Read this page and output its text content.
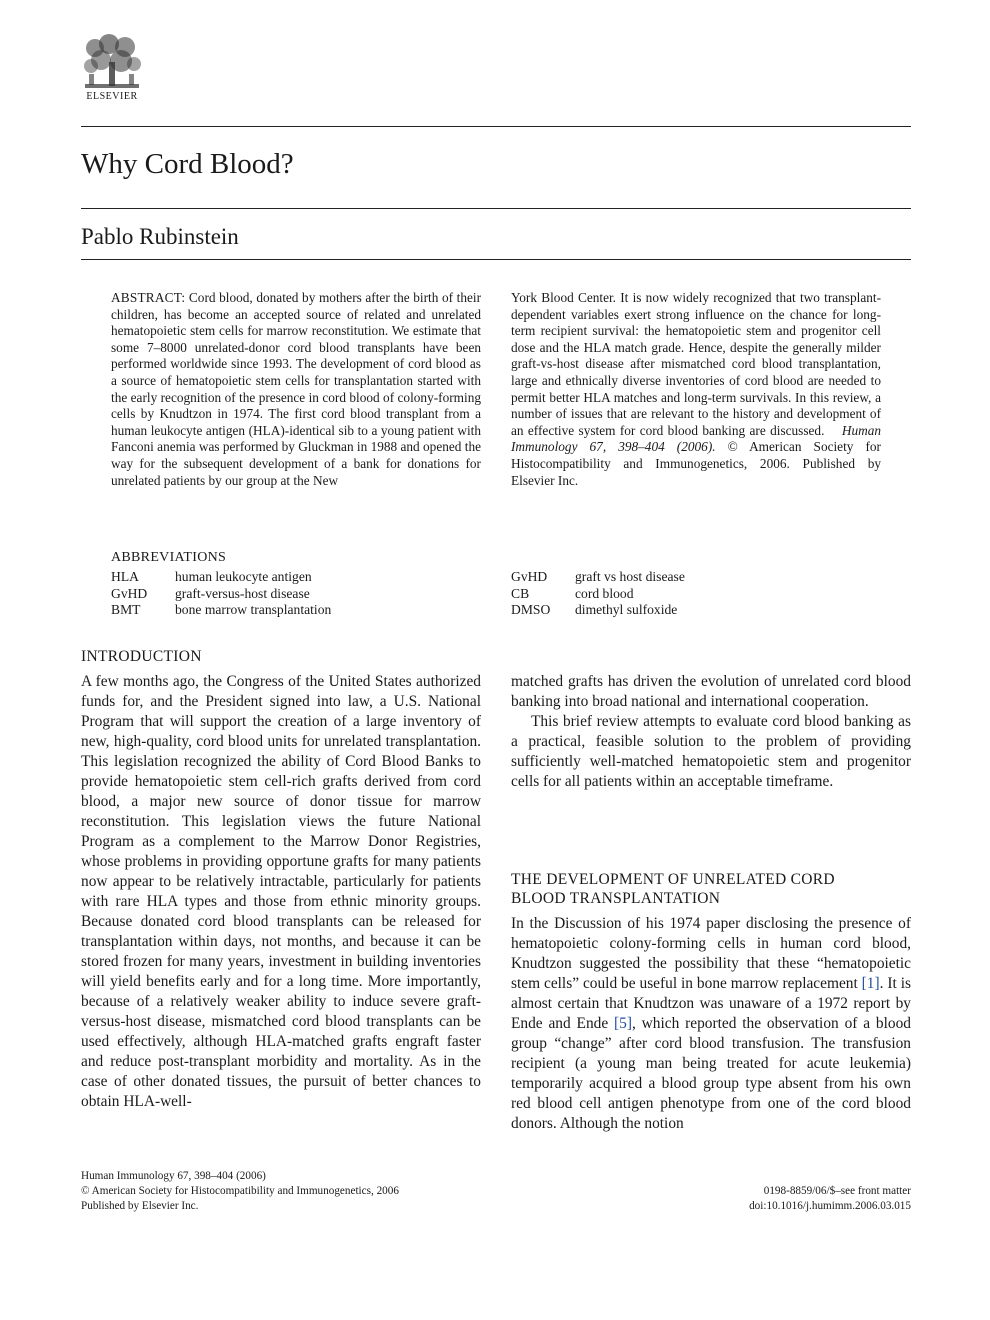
ELSEVIER
Why Cord Blood?
Pablo Rubinstein

ABSTRACT: Cord blood, donated by mothers after the birth of their children, has become an accepted source of related and unrelated hematopoietic stem cells for marrow reconstitution. We estimate that some 7–8000 unrelated-donor cord blood transplants have been performed worldwide since 1993. The development of cord blood as a source of hematopoietic stem cells for transplantation started with the early recognition of the presence in cord blood of colony-forming cells by Knudtzon in 1974. The first cord blood transplant from a human leukocyte antigen (HLA)-identical sib to a young patient with Fanconi anemia was performed by Gluckman in 1988 and opened the way for the subsequent development of a bank for donations for unrelated patients by our group at the New

York Blood Center. It is now widely recognized that two transplant-dependent variables exert strong influence on the chance for long-term recipient survival: the hematopoietic stem and progenitor cell dose and the HLA match grade. Hence, despite the generally milder graft-vs-host disease after mismatched cord blood transplantation, large and ethnically diverse inventories of cord blood are needed to permit better HLA matches and long-term survivals. In this review, a number of issues that are relevant to the history and development of an effective system for cord blood banking are discussed. Human Immunology 67, 398–404 (2006). © American Society for Histocompatibility and Immunogenetics, 2006. Published by Elsevier Inc.

ABBREVIATIONS
HLA	human leukocyte antigen
GvHD	graft-versus-host disease
BMT	bone marrow transplantation
GvHD	graft vs host disease
CB	cord blood
DMSO	dimethyl sulfoxide
INTRODUCTION

A few months ago, the Congress of the United States authorized funds for, and the President signed into law, a U.S. National Program that will support the creation of a large inventory of new, high-quality, cord blood units for unrelated transplantation. This legislation recognized the ability of Cord Blood Banks to provide hematopoietic stem cell-rich grafts derived from cord blood, a major new source of donor tissue for marrow reconstitution. This legislation views the future National Program as a complement to the Marrow Donor Registries, whose problems in providing opportune grafts for many patients now appear to be relatively intractable, particularly for patients with rare HLA types and those from ethnic minority groups. Because donated cord blood transplants can be released for transplantation within days, not months, and because it can be stored frozen for many years, investment in building inventories will yield benefits early and for a long time. More importantly, because of a relatively weaker ability to induce severe graft-versus-host disease, mismatched cord blood transplants can be used effectively, although HLA-matched grafts engraft faster and reduce post-transplant morbidity and mortality. As in the case of other donated tissues, the pursuit of better chances to obtain HLA-well-

matched grafts has driven the evolution of unrelated cord blood banking into broad national and international cooperation.

This brief review attempts to evaluate cord blood banking as a practical, feasible solution to the problem of providing sufficiently well-matched hematopoietic stem and progenitor cells for all patients within an acceptable timeframe.

THE DEVELOPMENT OF UNRELATED CORD
BLOOD TRANSPLANTATION

In the Discussion of his 1974 paper disclosing the presence of hematopoietic colony-forming cells in human cord blood, Knudtzon suggested the possibility that these “hematopoietic stem cells” could be useful in bone marrow replacement [1]. It is almost certain that Knudtzon was unaware of a 1972 report by Ende and Ende [5], which reported the observation of a blood group “change” after cord blood transfusion. The transfusion recipient (a young man being treated for acute leukemia) temporarily acquired a blood group type absent from his own red blood cell antigen phenotype from one of the cord blood donors. Although the notion

Human Immunology 67, 398–404 (2006)
© American Society for Histocompatibility and Immunogenetics, 2006
Published by Elsevier Inc.
0198-8859/06/$–see front matter
doi:10.1016/j.humimm.2006.03.015
